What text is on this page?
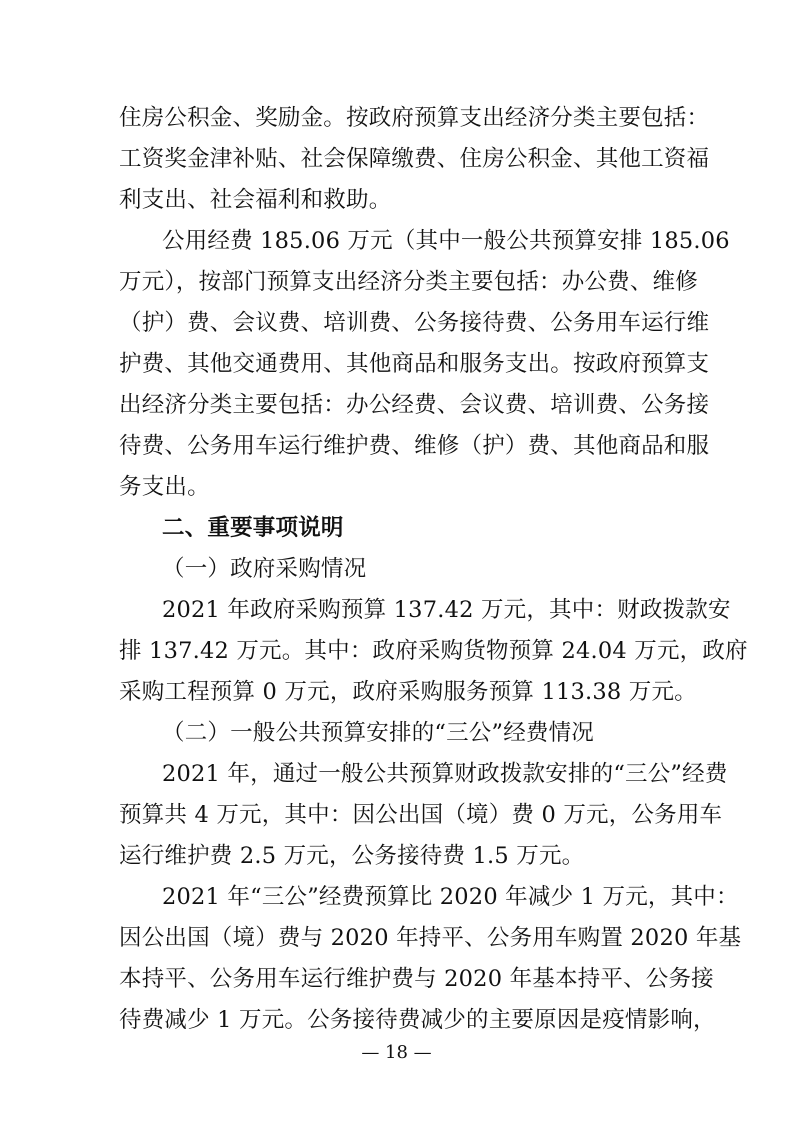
住房公积金、奖励金。按政府预算支出经济分类主要包括：
工资奖金津补贴、社会保障缴费、住房公积金、其他工资福
利支出、社会福利和救助。
公用经费 185.06 万元（其中一般公共预算安排 185.06
万元），按部门预算支出经济分类主要包括：办公费、维修
（护）费、会议费、培训费、公务接待费、公务用车运行维
护费、其他交通费用、其他商品和服务支出。按政府预算支
出经济分类主要包括：办公经费、会议费、培训费、公务接
待费、公务用车运行维护费、维修（护）费、其他商品和服
务支出。
二、重要事项说明
（一）政府采购情况
2021 年政府采购预算 137.42 万元，其中：财政拨款安
排 137.42 万元。其中：政府采购货物预算 24.04 万元，政府
采购工程预算 0 万元，政府采购服务预算 113.38 万元。
（二）一般公共预算安排的“三公”经费情况
2021 年，通过一般公共预算财政拨款安排的“三公”经费
预算共 4 万元，其中：因公出国（境）费 0 万元，公务用车
运行维护费 2.5 万元，公务接待费 1.5 万元。
2021 年“三公”经费预算比 2020 年减少 1 万元，其中：
因公出国（境）费与 2020 年持平、公务用车购置 2020 年基
本持平、公务用车运行维护费与 2020 年基本持平、公务接
待费减少 1 万元。公务接待费减少的主要原因是疫情影响，
— 18 —
